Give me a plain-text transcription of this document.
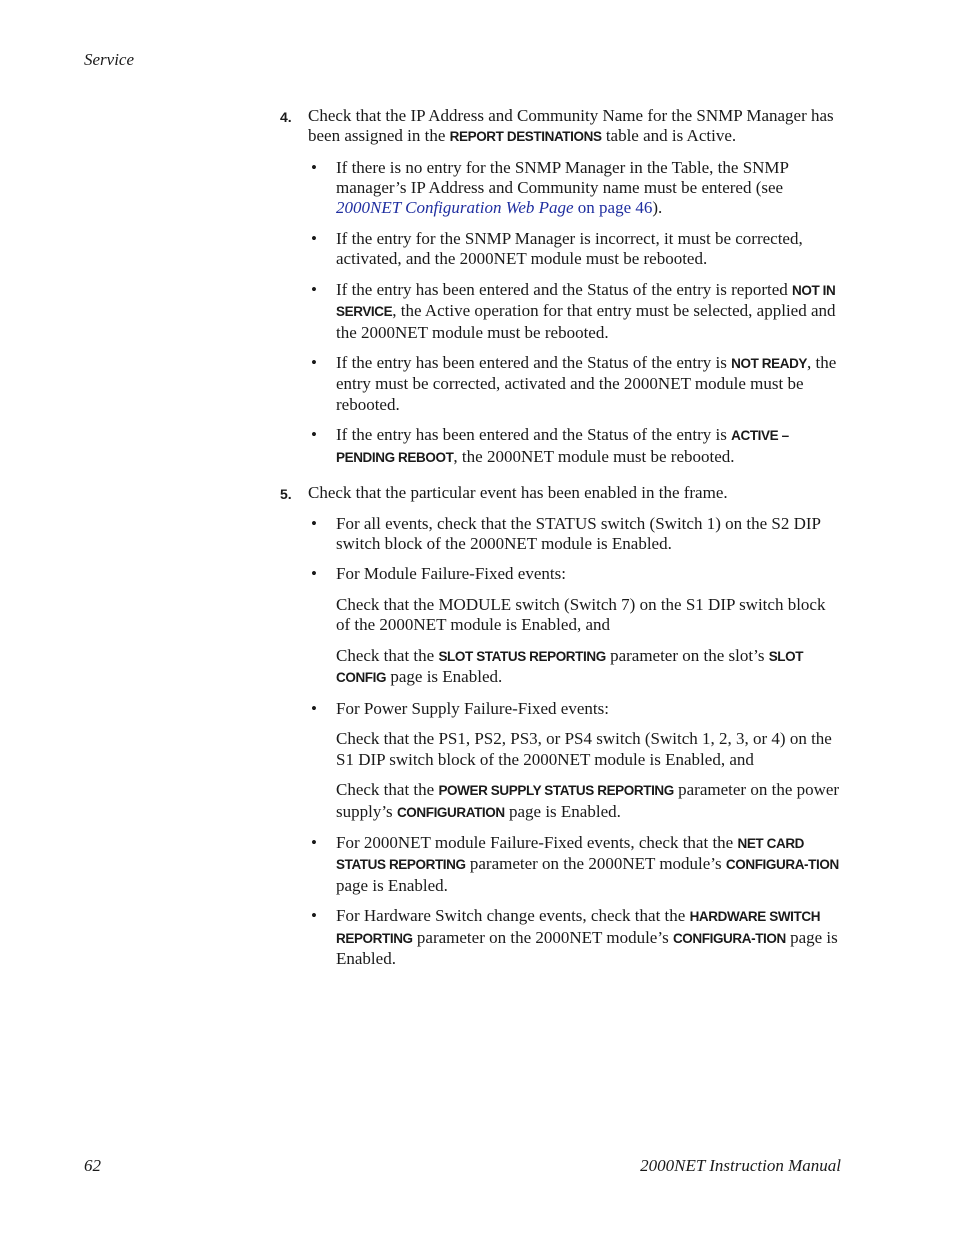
Service
4. Check that the IP Address and Community Name for the SNMP Manager has been assigned in the REPORT DESTINATIONS table and is Active.
• If there is no entry for the SNMP Manager in the Table, the SNMP manager’s IP Address and Community name must be entered (see 2000NET Configuration Web Page on page 46).
• If the entry for the SNMP Manager is incorrect, it must be corrected, activated, and the 2000NET module must be rebooted.
• If the entry has been entered and the Status of the entry is reported NOT IN SERVICE, the Active operation for that entry must be selected, applied and the 2000NET module must be rebooted.
• If the entry has been entered and the Status of the entry is NOT READY, the entry must be corrected, activated and the 2000NET module must be rebooted.
• If the entry has been entered and the Status of the entry is ACTIVE – PENDING REBOOT, the 2000NET module must be rebooted.
5. Check that the particular event has been enabled in the frame.
• For all events, check that the STATUS switch (Switch 1) on the S2 DIP switch block of the 2000NET module is Enabled.
• For Module Failure-Fixed events:

Check that the MODULE switch (Switch 7) on the S1 DIP switch block of the 2000NET module is Enabled, and

Check that the SLOT STATUS REPORTING parameter on the slot’s SLOT CONFIG page is Enabled.

• For Power Supply Failure-Fixed events:

Check that the PS1, PS2, PS3, or PS4 switch (Switch 1, 2, 3, or 4) on the S1 DIP switch block of the 2000NET module is Enabled, and

Check that the POWER SUPPLY STATUS REPORTING parameter on the power supply’s CONFIGURATION page is Enabled.

• For 2000NET module Failure-Fixed events, check that the NET CARD STATUS REPORTING parameter on the 2000NET module’s CONFIGURA-TION page is Enabled.
• For Hardware Switch change events, check that the HARDWARE SWITCH REPORTING parameter on the 2000NET module’s CONFIGURA-TION page is Enabled.
62	2000NET Instruction Manual
